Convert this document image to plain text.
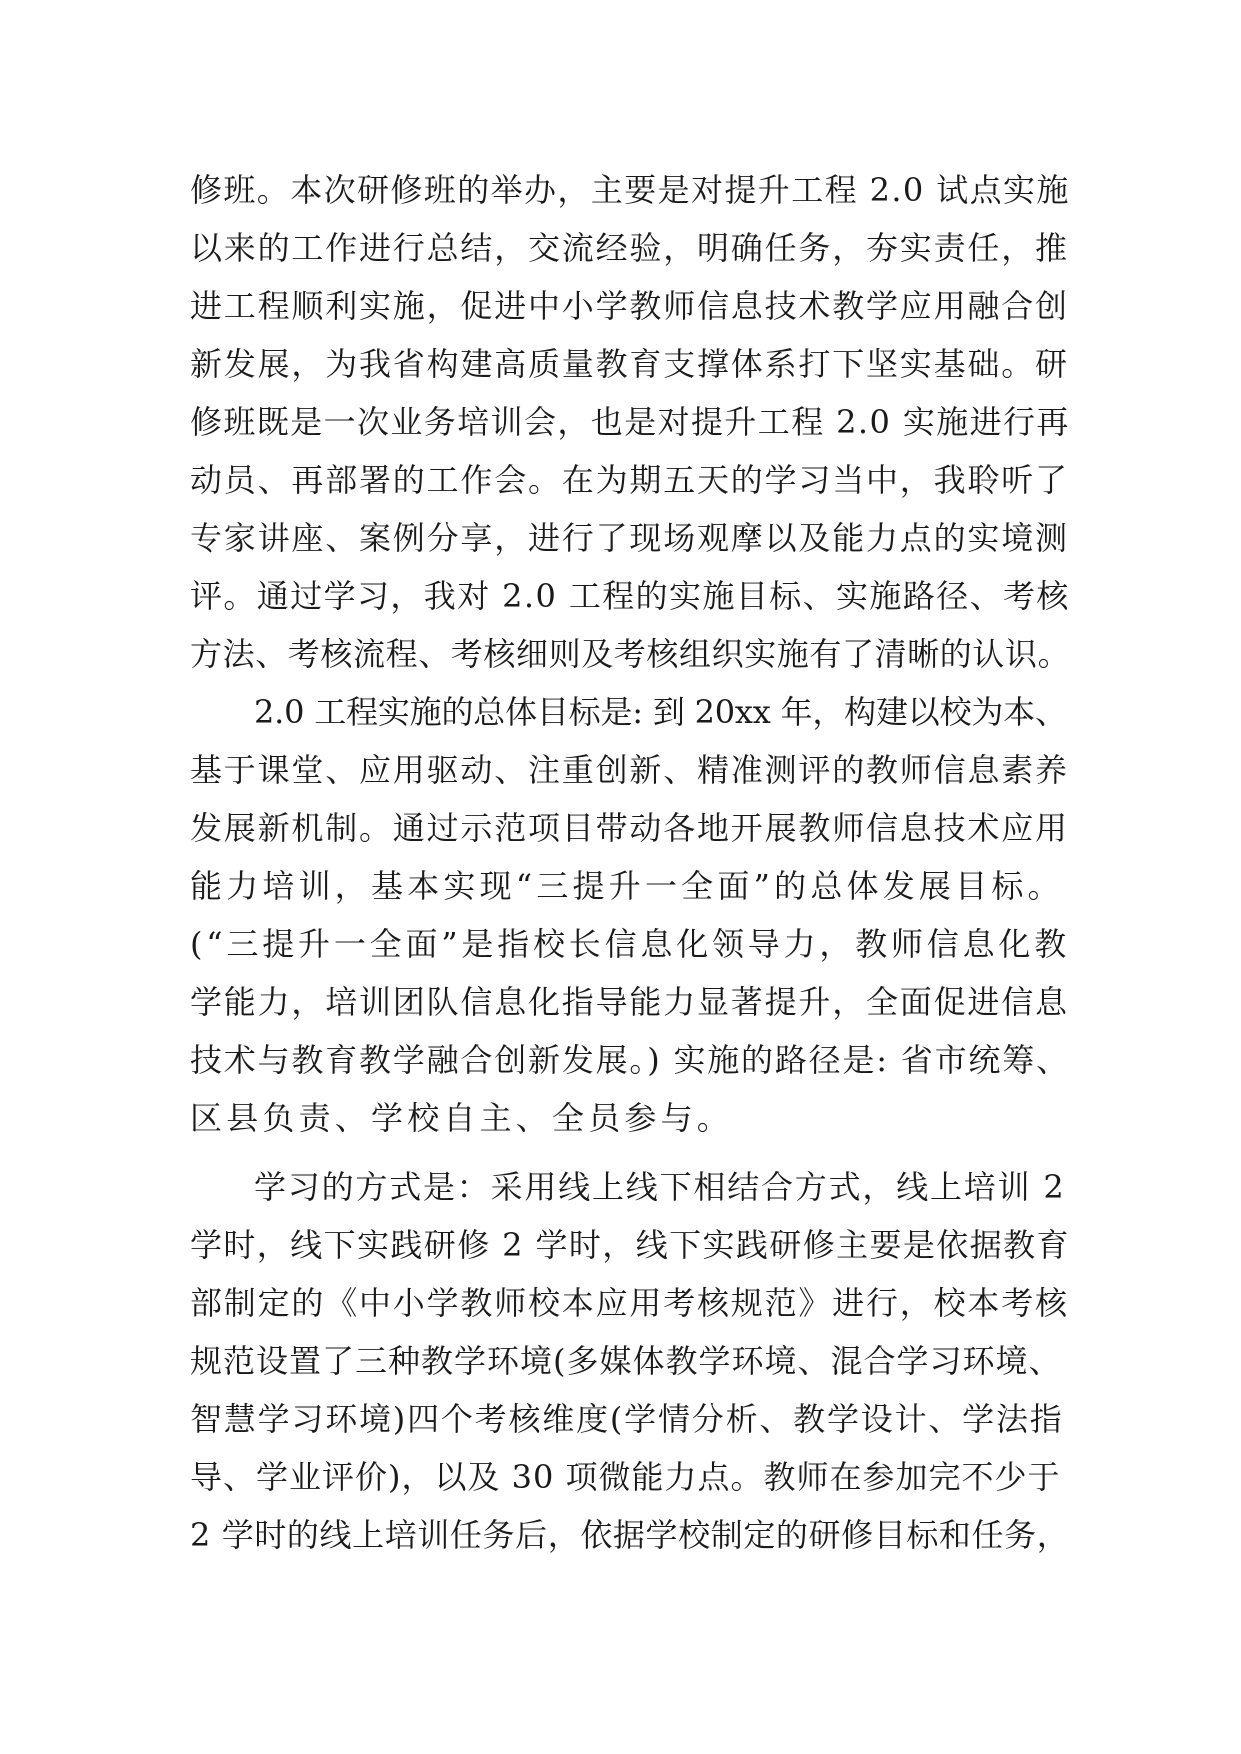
修班。本次研修班的举办，主要是对提升工程 2.0 试点实施
以来的工作进行总结，交流经验，明确任务，夯实责任，推
进工程顺利实施，促进中小学教师信息技术教学应用融合创
新发展，为我省构建高质量教育支撑体系打下坚实基础。研
修班既是一次业务培训会，也是对提升工程 2.0 实施进行再
动员、再部署的工作会。在为期五天的学习当中，我聆听了
专家讲座、案例分享，进行了现场观摩以及能力点的实境测
评。通过学习，我对 2.0 工程的实施目标、实施路径、考核
方法、考核流程、考核细则及考核组织实施有了清晰的认识。
2.0 工程实施的总体目标是: 到 20xx 年，构建以校为本、
基于课堂、应用驱动、注重创新、精准测评的教师信息素养
发展新机制。通过示范项目带动各地开展教师信息技术应用
能力培训，基本实现“三提升一全面”的总体发展目标。
(“三提升一全面”是指校长信息化领导力，教师信息化教
学能力，培训团队信息化指导能力显著提升，全面促进信息
技术与教育教学融合创新发展。) 实施的路径是: 省市统筹、
区县负责、学校自主、全员参与。
学习的方式是：采用线上线下相结合方式，线上培训 2
学时，线下实践研修 2 学时，线下实践研修主要是依据教育
部制定的《中小学教师校本应用考核规范》进行，校本考核
规范设置了三种教学环境(多媒体教学环境、混合学习环境、
智慧学习环境)四个考核维度(学情分析、教学设计、学法指
导、学业评价)，以及 30 项微能力点。教师在参加完不少于
2 学时的线上培训任务后，依据学校制定的研修目标和任务，
